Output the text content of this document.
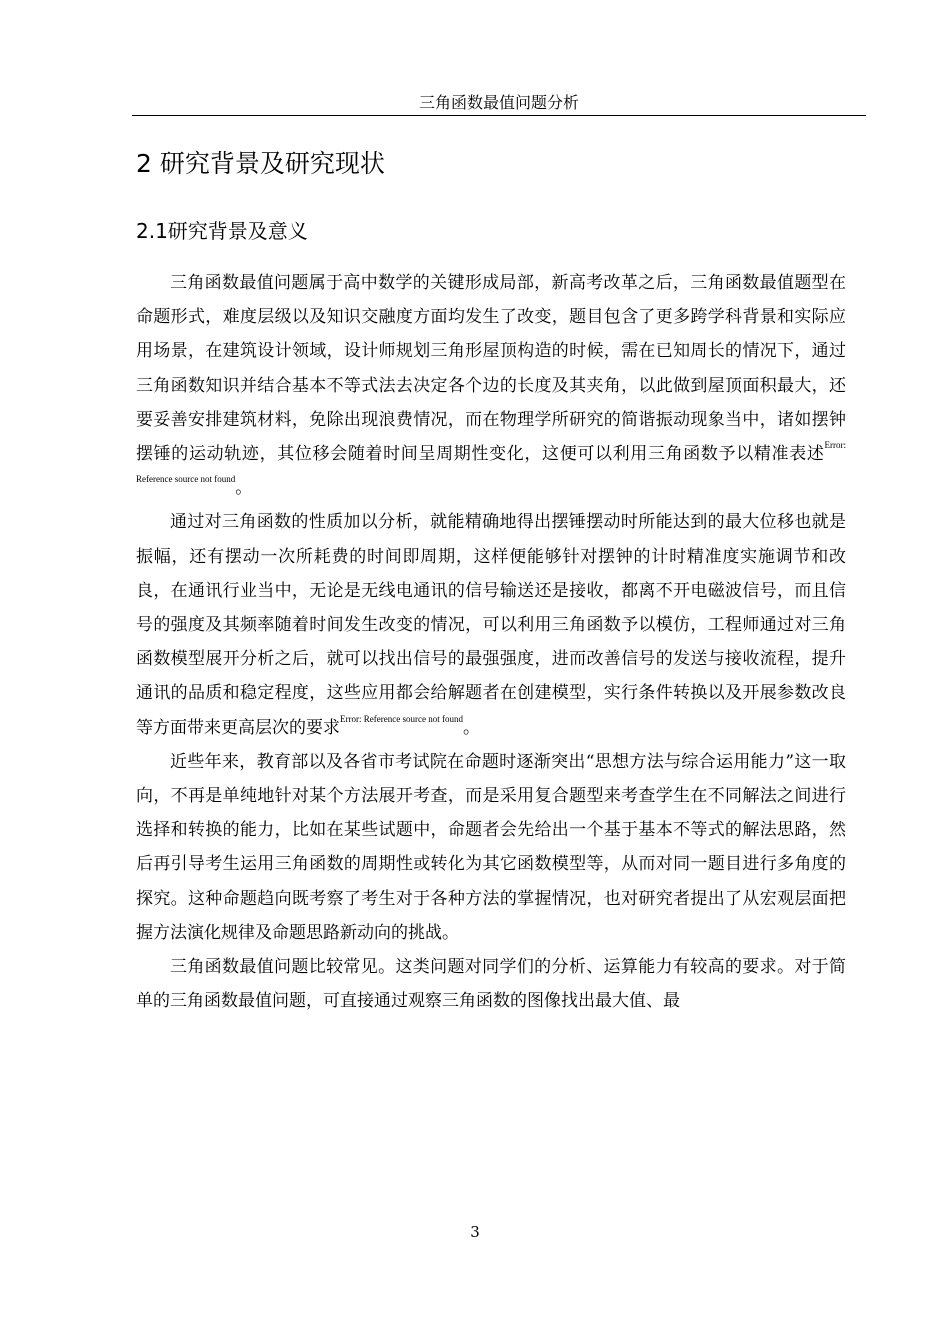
三角函数最值问题分析
2 研究背景及研究现状
2.1研究背景及意义

三角函数最值问题属于高中数学的关键形成局部，新高考改革之后，三角函数最值题型在命题形式，难度层级以及知识交融度方面均发生了改变，题目包含了更多跨学科背景和实际应用场景，在建筑设计领域，设计师规划三角形屋顶构造的时候，需在已知周长的情况下，通过三角函数知识并结合基本不等式法去决定各个边的长度及其夹角，以此做到屋顶面积最大，还要妥善安排建筑材料，免除出现浪费情况，而在物理学所研究的简谐振动现象当中，诸如摆钟摆锤的运动轨迹，其位移会随着时间呈周期性变化，这便可以利用三角函数予以精准表述$^{Error: Reference source not found}$。

通过对三角函数的性质加以分析，就能精确地得出摆锤摆动时所能达到的最大位移也就是振幅，还有摆动一次所耗费的时间即周期，这样便能够针对摆钟的计时精准度实施调节和改良，在通讯行业当中，无论是无线电通讯的信号输送还是接收，都离不开电磁波信号，而且信号的强度及其频率随着时间发生改变的情况，可以利用三角函数予以模仿，工程师通过对三角函数模型展开分析之后，就可以找出信号的最强强度，进而改善信号的发送与接收流程，提升通讯的品质和稳定程度，这些应用都会给解题者在创建模型，实行条件转换以及开展参数改良等方面带来更高层次的要求$^{Error: Reference source not found}$。

近些年来，教育部以及各省市考试院在命题时逐渐突出“思想方法与综合运用能力”这一取向，不再是单纯地针对某个方法展开考查，而是采用复合题型来考查学生在不同解法之间进行选择和转换的能力，比如在某些试题中，命题者会先给出一个基于基本不等式的解法思路，然后再引导考生运用三角函数的周期性或转化为其它函数模型等，从而对同一题目进行多角度的探究。这种命题趋向既考察了考生对于各种方法的掌握情况，也对研究者提出了从宏观层面把握方法演化规律及命题思路新动向的挑战。

三角函数最值问题比较常见。这类问题对同学们的分析、运算能力有较高的要求。对于简单的三角函数最值问题，可直接通过观察三角函数的图像找出最大值、最

3
